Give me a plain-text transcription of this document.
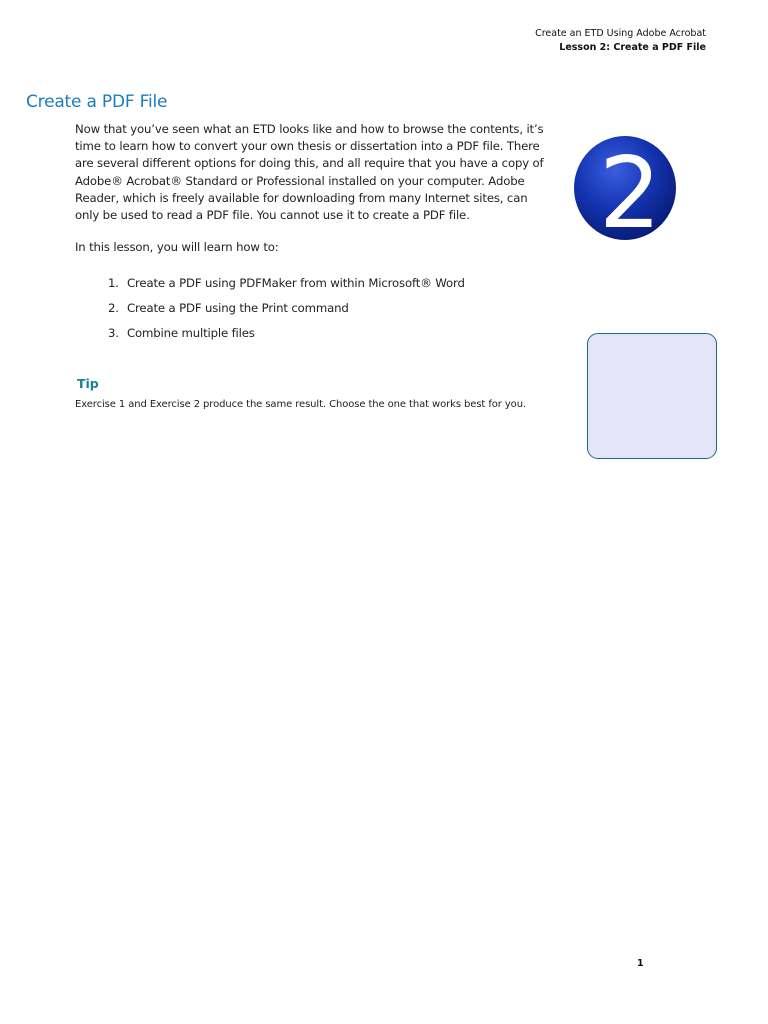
Create an ETD Using Adobe Acrobat
Lesson 2: Create a PDF File
Create a PDF File

Now that you’ve seen what an ETD looks like and how to browse the contents, it’s time to learn how to convert your own thesis or dissertation into a PDF file. There are several different options for doing this, and all require that you have a copy of Adobe® Acrobat® Standard or Professional installed on your computer. Adobe Reader, which is freely available for downloading from many Internet sites, can only be used to read a PDF file. You cannot use it to create a PDF file.

In this lesson, you will learn how to:

1. Create a PDF using PDFMaker from within Microsoft® Word
2. Create a PDF using the Print command
3. Combine multiple files
Tip

Exercise 1 and Exercise 2 produce the same result. Choose the one that works best for you.

2
1
